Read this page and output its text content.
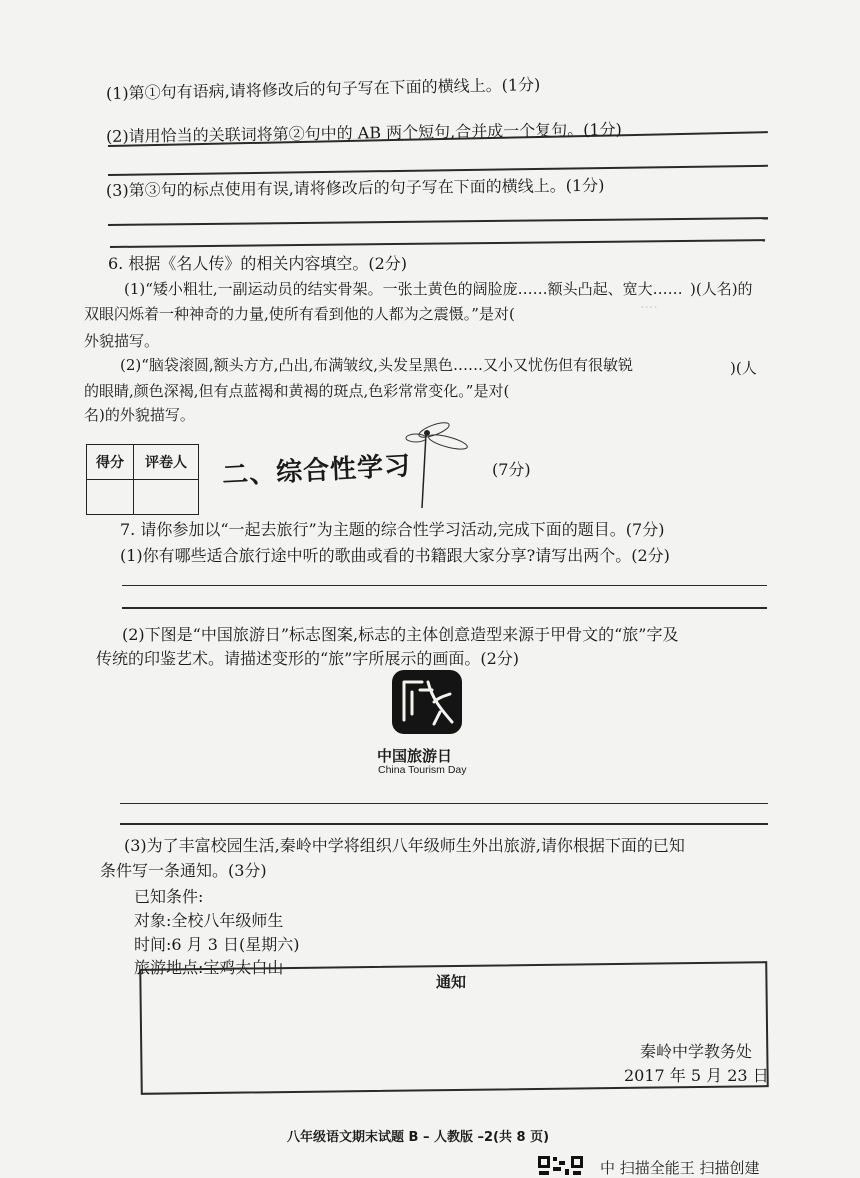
····
(1)第①句有语病,请将修改后的句子写在下面的横线上。(1分)
(2)请用恰当的关联词将第②句中的 AB 两个短句,合并成一个复句。(1分)
(3)第③句的标点使用有误,请将修改后的句子写在下面的横线上。(1分)
6. 根据《名人传》的相关内容填空。(2分)
(1)“矮小粗壮,一副运动员的结实骨架。一张土黄色的阔脸庞……额头凸起、宽大……
双眼闪烁着一种神奇的力量,使所有看到他的人都为之震慑。”是对(
)(人名)的
外貌描写。
(2)“脑袋滚圆,额头方方,凸出,布满皱纹,头发呈黑色……又小又忧伤但有很敏锐
的眼睛,颜色深褐,但有点蓝褐和黄褐的斑点,色彩常常变化。”是对(
)(人
名)的外貌描写。
得分	评卷人
	二、综合性学习	(7分)
7. 请你参加以“一起去旅行”为主题的综合性学习活动,完成下面的题目。(7分)
(1)你有哪些适合旅行途中听的歌曲或看的书籍跟大家分享?请写出两个。(2分)
(2)下图是“中国旅游日”标志图案,标志的主体创意造型来源于甲骨文的“旅”字及
传统的印鉴艺术。请描述变形的“旅”字所展示的画面。(2分)
中国旅游日
China Tourism Day
(3)为了丰富校园生活,秦岭中学将组织八年级师生外出旅游,请你根据下面的已知
条件写一条通知。(3分)
已知条件:
对象:全校八年级师生
时间:6 月 3 日(星期六)
旅游地点:宝鸡太白山
通知
秦岭中学教务处
2017 年 5 月 23 日
八年级语文期末试题 B – 人教版 –2(共 8 页)
中 扫描全能王 扫描创建
